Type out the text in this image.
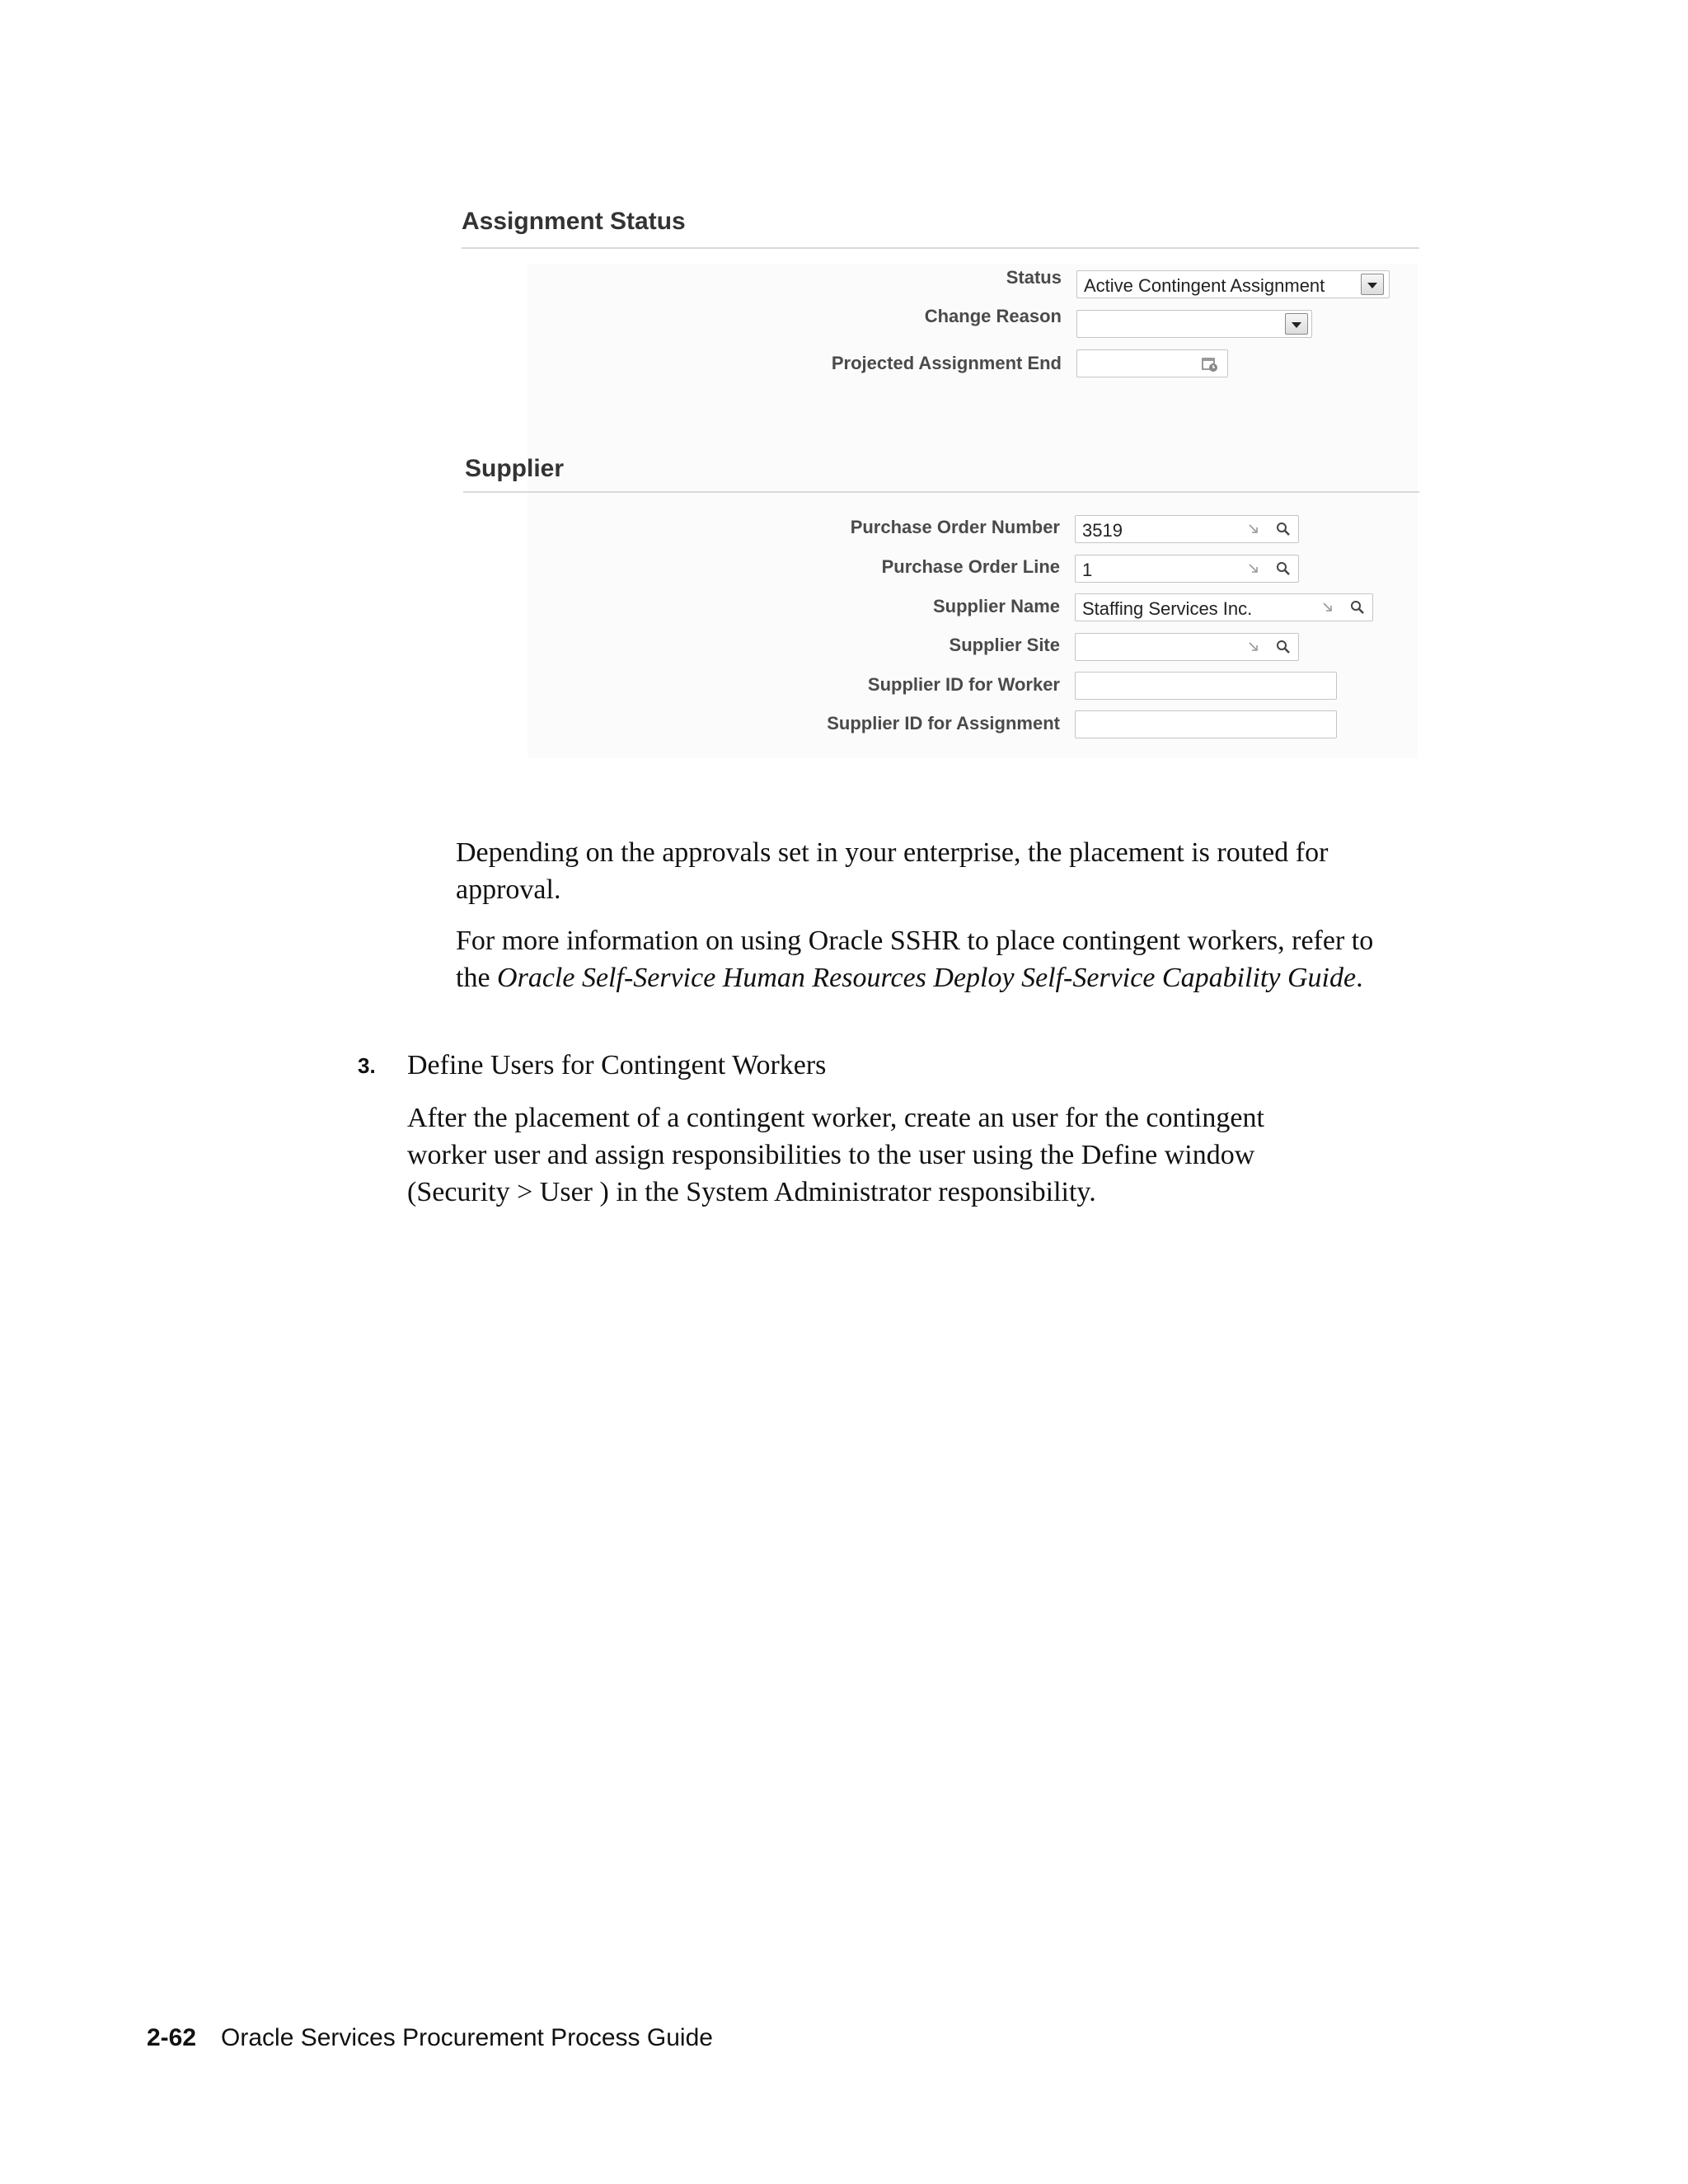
Assignment Status
Status Active Contingent Assignment
Change Reason
Projected Assignment End
Supplier
Purchase Order Number 3519
Purchase Order Line 1
Supplier Name Staffing Services Inc.
Supplier Site
Supplier ID for Worker
Supplier ID for Assignment
Depending on the approvals set in your enterprise, the placement is routed for approval.
For more information on using Oracle SSHR to place contingent workers, refer to the Oracle Self-Service Human Resources Deploy Self-Service Capability Guide.
3. Define Users for Contingent Workers
After the placement of a contingent worker, create an user for the contingent worker user and assign responsibilities to the user using the Define window (Security > User ) in the System Administrator responsibility.
2-62 Oracle Services Procurement Process Guide
